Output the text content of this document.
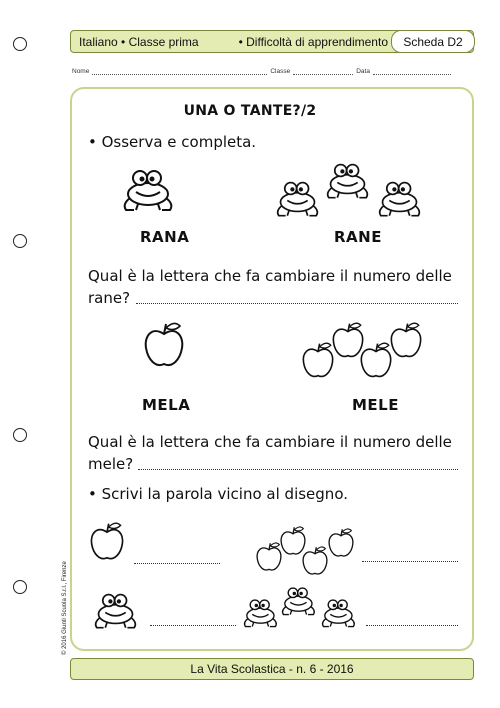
Italiano • Classe prima	• Difficoltà di apprendimento	Scheda D2
Nome	Classe	Data
UNA O TANTE?/2
• Osserva e completa.
RANA	RANE
Qual è la lettera che fa cambiare il numero delle
rane?
MELA	MELE
Qual è la lettera che fa cambiare il numero delle
mele?
• Scrivi la parola vicino al disegno.
© 2016 Giunti Scuola S.r.l., Firenze
La Vita Scolastica - n. 6 - 2016
